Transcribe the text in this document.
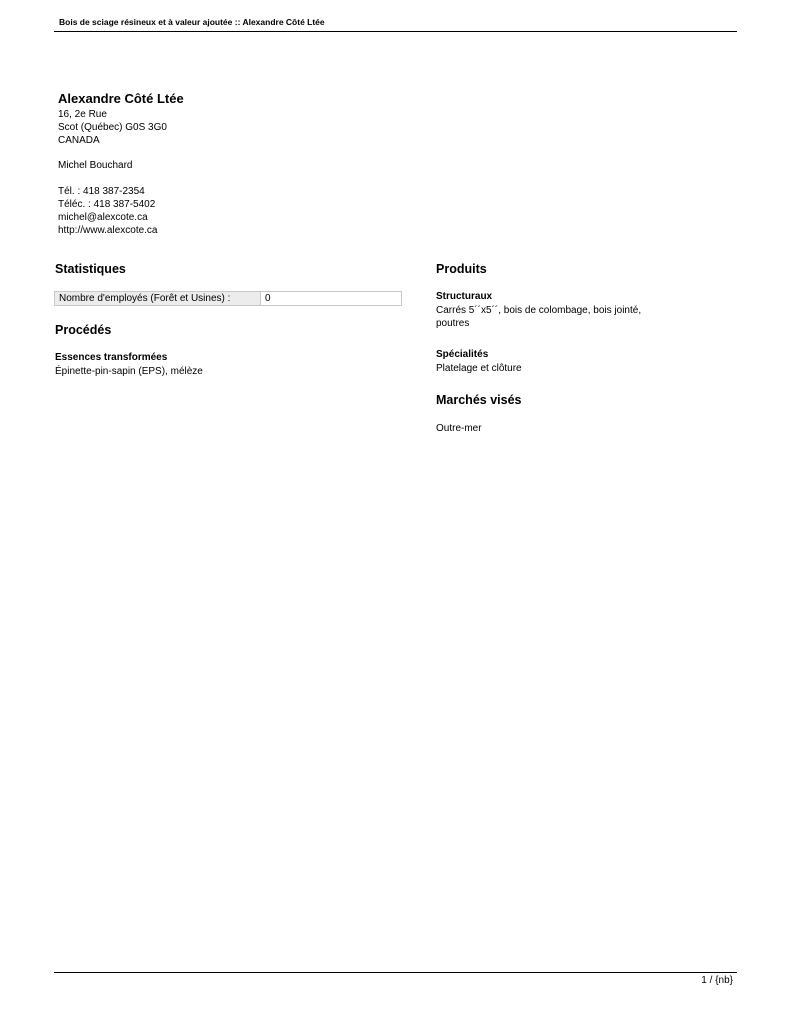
Bois de sciage résineux et à valeur ajoutée :: Alexandre Côté Ltée
Alexandre Côté Ltée
16, 2e Rue
Scot (Québec) G0S 3G0
CANADA
Michel Bouchard
Tél. : 418 387-2354
Téléc. : 418 387-5402
michel@alexcote.ca
http://www.alexcote.ca
Statistiques
Nombre d'employés (Forêt et Usines) :	0
Procédés
Essences transformées
Épinette-pin-sapin (EPS), mélèze
Produits
Structuraux
Carrés 5´´x5´´, bois de colombage, bois jointé,
poutres
Spécialités
Platelage et clôture
Marchés visés
Outre-mer
1 / {nb}
